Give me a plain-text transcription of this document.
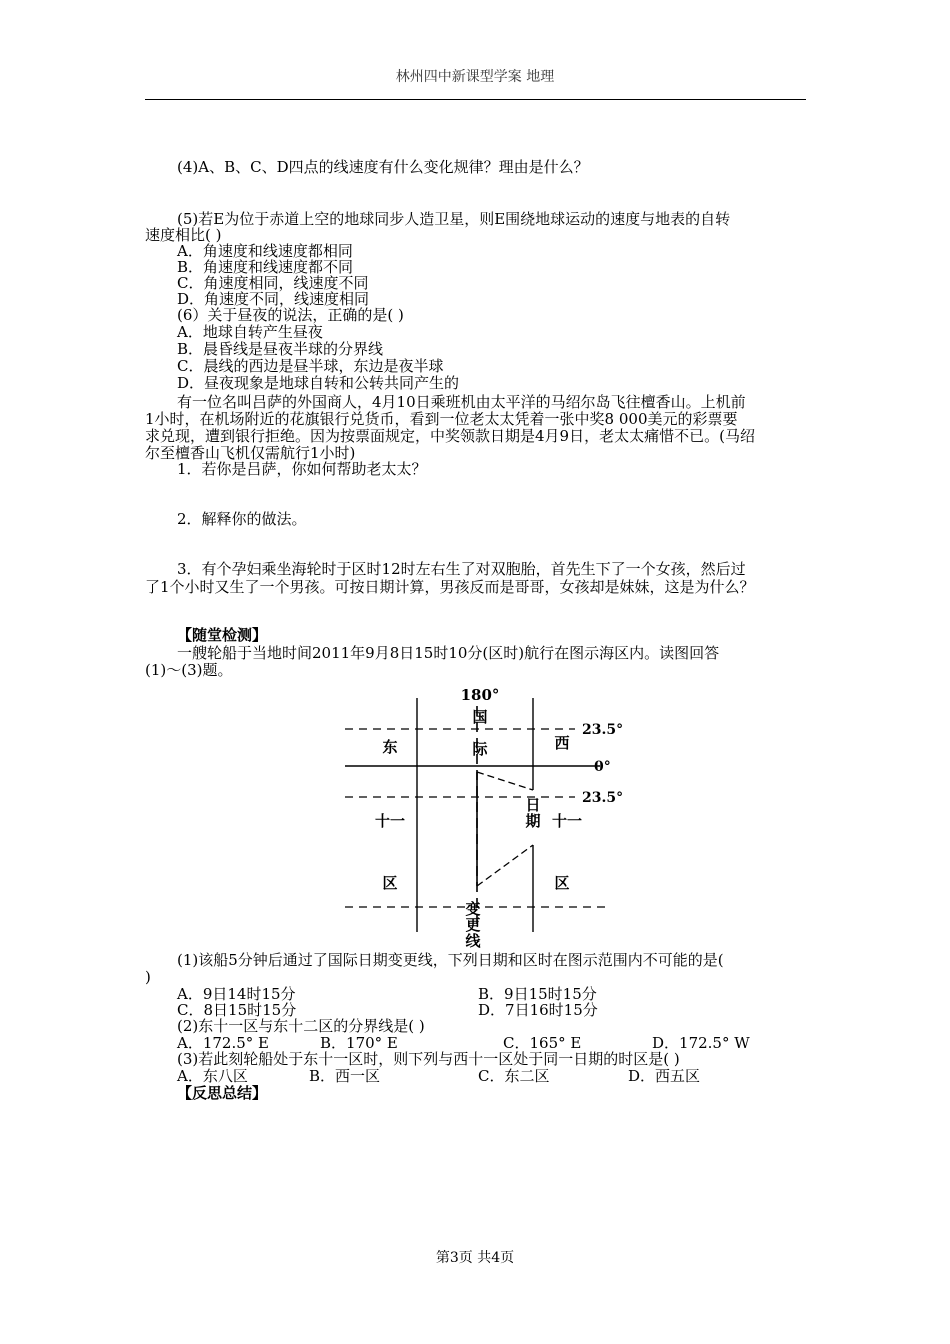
林州四中新课型学案 地理
(4)A、B、C、D四点的线速度有什么变化规律？理由是什么？
(5)若E为位于赤道上空的地球同步人造卫星，则E围绕地球运动的速度与地表的自转
速度相比( )
A．角速度和线速度都相同
B．角速度和线速度都不同
C．角速度相同，线速度不同
D．角速度不同，线速度相同
(6）关于昼夜的说法，正确的是( )
A．地球自转产生昼夜
B．晨昏线是昼夜半球的分界线
C．晨线的西边是昼半球，东边是夜半球
D．昼夜现象是地球自转和公转共同产生的
有一位名叫吕萨的外国商人，4月10日乘班机由太平洋的马绍尔岛飞往檀香山。上机前
1小时，在机场附近的花旗银行兑货币，看到一位老太太凭着一张中奖8 000美元的彩票要
求兑现，遭到银行拒绝。因为按票面规定，中奖领款日期是4月9日，老太太痛惜不已。(马绍
尔至檀香山飞机仅需航行1小时)
1．若你是吕萨，你如何帮助老太太？
2．解释你的做法。
3．有个孕妇乘坐海轮时于区时12时左右生了对双胞胎，首先生下了一个女孩，然后过
了1个小时又生了一个男孩。可按日期计算，男孩反而是哥哥，女孩却是妹妹，这是为什么？
【随堂检测】
一艘轮船于当地时间2011年9月8日15时10分(区时)航行在图示海区内。读图回答
(1)～(3)题。
180°
23.5°
0°
23.5°
国
际
日
期
变
更
线
东
十一
区
西
十一
区
(1)该船5分钟后通过了国际日期变更线，下列日期和区时在图示范围内不可能的是(
)
A．9日14时15分	B．9日15时15分
C．8日15时15分	D．7日16时15分
(2)东十一区与东十二区的分界线是( )
A．172.5° E	B．170° E	C．165° E	D．172.5° W
(3)若此刻轮船处于东十一区时，则下列与西十一区处于同一日期的时区是( )
A．东八区	B．西一区	C．东二区	D．西五区
【反思总结】
第3页 共4页
